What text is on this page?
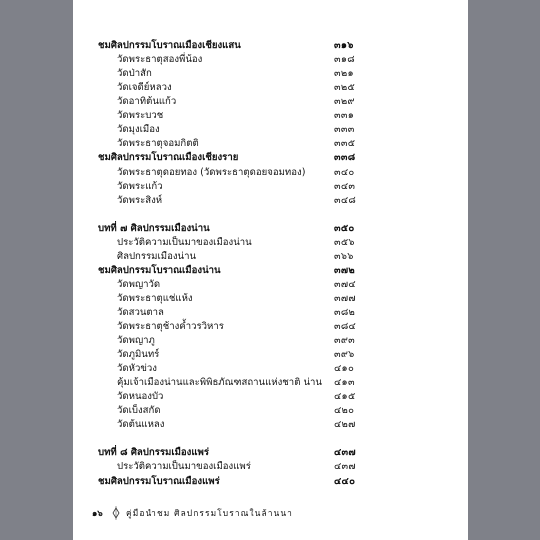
ชมศิลปกรรมโบราณเมืองเชียงแสน	๓๑๖
วัดพระธาตุสองพี่น้อง	๓๑๘
วัดป่าสัก	๓๒๑
วัดเจดีย์หลวง	๓๒๕
วัดอาทิต้นแก้ว	๓๒๙
วัดพระบวช	๓๓๑
วัดมุงเมือง	๓๓๓
วัดพระธาตุจอมกิตติ	๓๓๕
ชมศิลปกรรมโบราณเมืองเชียงราย	๓๓๘
วัดพระธาตุดอยทอง (วัดพระธาตุดอยจอมทอง)	๓๔๐
วัดพระแก้ว	๓๔๓
วัดพระสิงห์	๓๔๘
บทที่ ๗ ศิลปกรรมเมืองน่าน	๓๕๐
ประวัติความเป็นมาของเมืองน่าน	๓๕๖
ศิลปกรรมเมืองน่าน	๓๖๖
ชมศิลปกรรมโบราณเมืองน่าน	๓๗๒
วัดพญาวัด	๓๗๔
วัดพระธาตุแช่แห้ง	๓๗๗
วัดสวนตาล	๓๘๒
วัดพระธาตุช้างค้ำวรวิหาร	๓๘๔
วัดพญาภู	๓๙๓
วัดภูมินทร์	๓๙๖
วัดหัวข่วง	๔๑๐
คุ้มเจ้าเมืองน่านและพิพิธภัณฑสถานแห่งชาติ น่าน ๔๑๓
วัดหนองบัว	๔๑๕
วัดเบ็งสกัด	๔๒๐
วัดต้นแหลง	๔๒๗
บทที่ ๘ ศิลปกรรมเมืองแพร่	๔๓๗
ประวัติความเป็นมาของเมืองแพร่	๔๓๗
ชมศิลปกรรมโบราณเมืองแพร่	๔๔๐
๑๖	คู่มือนำชม ศิลปกรรมโบราณในล้านนา
